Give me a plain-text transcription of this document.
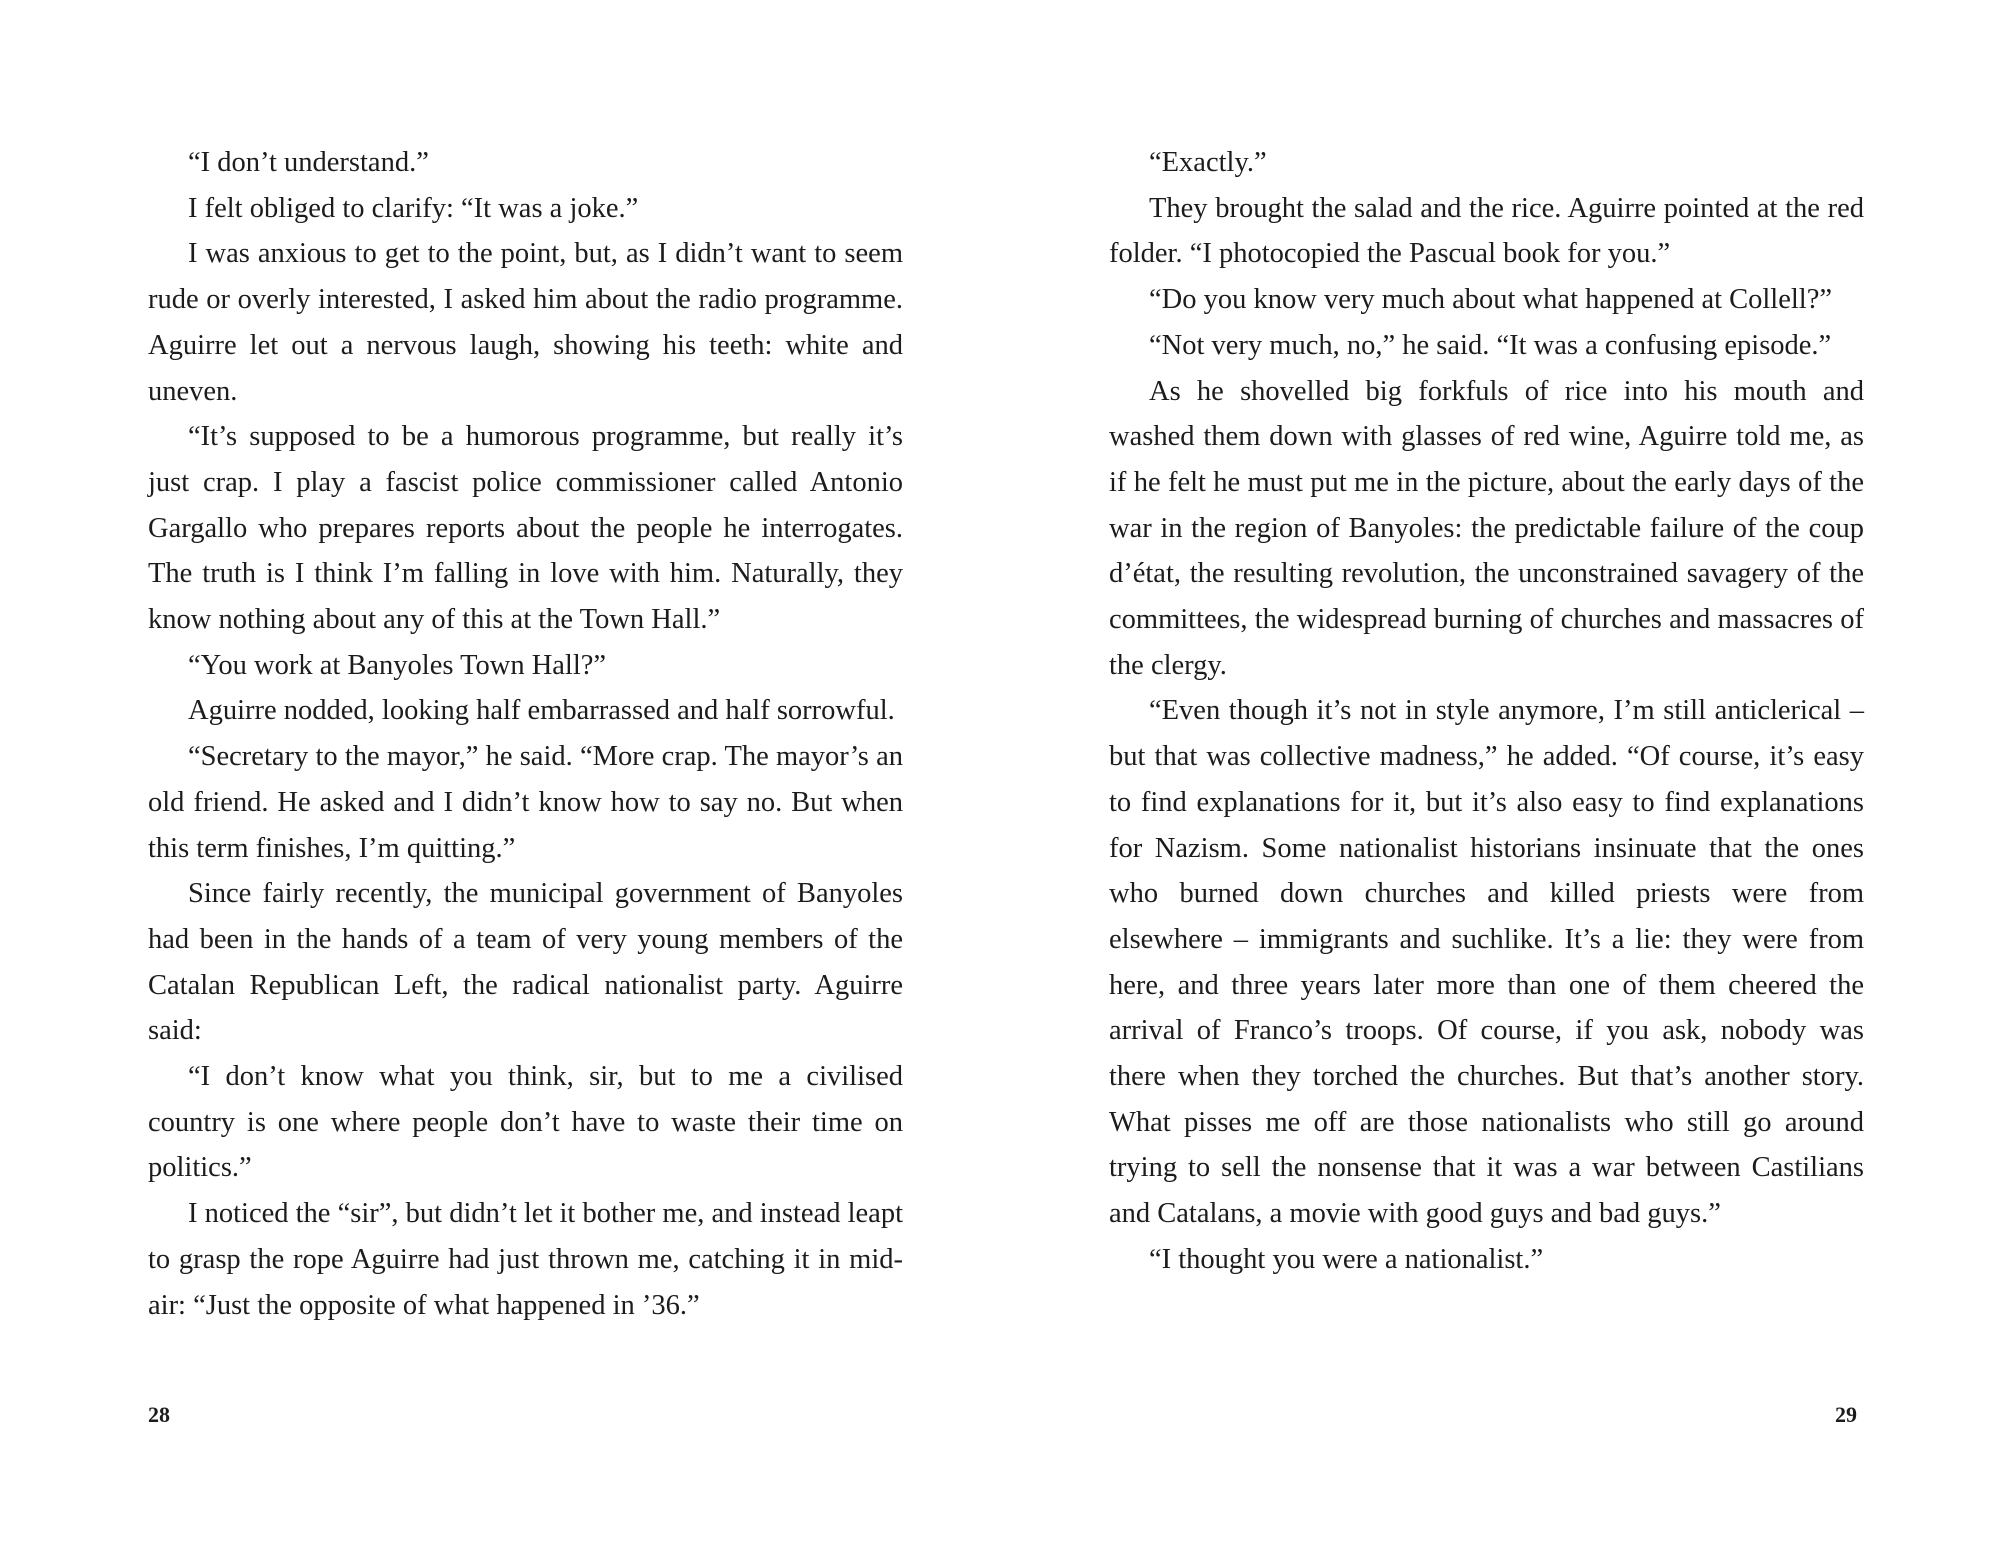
“I don’t understand.”

I felt obliged to clarify: “It was a joke.”

I was anxious to get to the point, but, as I didn’t want to seem rude or overly interested, I asked him about the radio programme. Aguirre let out a nervous laugh, showing his teeth: white and uneven.

“It’s supposed to be a humorous programme, but really it’s just crap. I play a fascist police commissioner called Antonio Gargallo who prepares reports about the people he interrogates. The truth is I think I’m falling in love with him. Naturally, they know nothing about any of this at the Town Hall.”

“You work at Banyoles Town Hall?”

Aguirre nodded, looking half embarrassed and half sorrowful.

“Secretary to the mayor,” he said. “More crap. The mayor’s an old friend. He asked and I didn’t know how to say no. But when this term finishes, I’m quitting.”

Since fairly recently, the municipal government of Banyoles had been in the hands of a team of very young members of the Catalan Republican Left, the radical nationalist party. Aguirre said:

“I don’t know what you think, sir, but to me a civilised country is one where people don’t have to waste their time on politics.”

I noticed the “sir”, but didn’t let it bother me, and instead leapt to grasp the rope Aguirre had just thrown me, catching it in mid-air: “Just the opposite of what happened in ’36.”

“Exactly.”

They brought the salad and the rice. Aguirre pointed at the red folder. “I photocopied the Pascual book for you.”

“Do you know very much about what happened at Collell?”

“Not very much, no,” he said. “It was a confusing episode.”

As he shovelled big forkfuls of rice into his mouth and washed them down with glasses of red wine, Aguirre told me, as if he felt he must put me in the picture, about the early days of the war in the region of Banyoles: the predictable failure of the coup d’état, the resulting revolution, the unconstrained savagery of the committees, the widespread burning of churches and massacres of the clergy.

“Even though it’s not in style anymore, I’m still anticlerical – but that was collective madness,” he added. “Of course, it’s easy to find explanations for it, but it’s also easy to find explanations for Nazism. Some nationalist historians insinuate that the ones who burned down churches and killed priests were from elsewhere – immigrants and suchlike. It’s a lie: they were from here, and three years later more than one of them cheered the arrival of Franco’s troops. Of course, if you ask, nobody was there when they torched the churches. But that’s another story. What pisses me off are those nationalists who still go around trying to sell the nonsense that it was a war between Castilians and Catalans, a movie with good guys and bad guys.”

“I thought you were a nationalist.”

28	29
